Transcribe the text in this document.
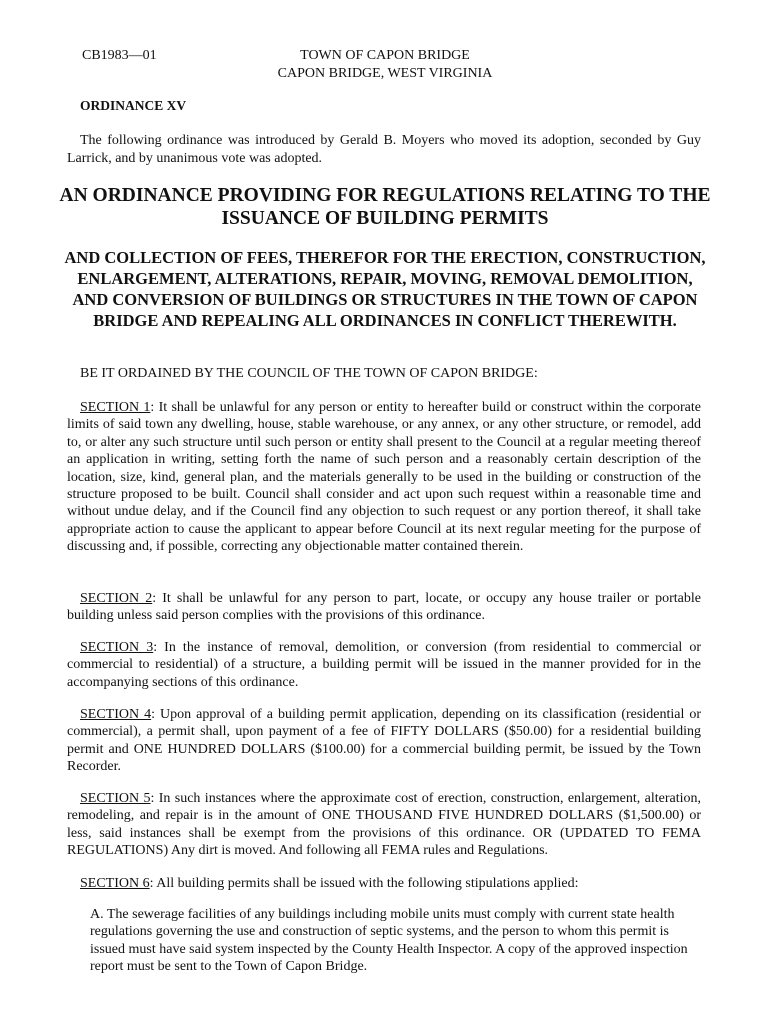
CB1983—01	TOWN OF CAPON BRIDGE
CAPON BRIDGE, WEST VIRGINIA
ORDINANCE XV
The following ordinance was introduced by Gerald B. Moyers who moved its adoption, seconded by Guy Larrick, and by unanimous vote was adopted.
AN ORDINANCE PROVIDING FOR REGULATIONS RELATING TO THE ISSUANCE OF BUILDING PERMITS
AND COLLECTION OF FEES, THEREFOR FOR THE ERECTION, CONSTRUCTION, ENLARGEMENT, ALTERATIONS, REPAIR, MOVING, REMOVAL DEMOLITION, AND CONVERSION OF BUILDINGS OR STRUCTURES IN THE TOWN OF CAPON BRIDGE AND REPEALING ALL ORDINANCES IN CONFLICT THEREWITH.
BE IT ORDAINED BY THE COUNCIL OF THE TOWN OF CAPON BRIDGE:
SECTION 1: It shall be unlawful for any person or entity to hereafter build or construct within the corporate limits of said town any dwelling, house, stable warehouse, or any annex, or any other structure, or remodel, add to, or alter any such structure until such person or entity shall present to the Council at a regular meeting thereof an application in writing, setting forth the name of such person and a reasonably certain description of the location, size, kind, general plan, and the materials generally to be used in the building or construction of the structure proposed to be built. Council shall consider and act upon such request within a reasonable time and without undue delay, and if the Council find any objection to such request or any portion thereof, it shall take appropriate action to cause the applicant to appear before Council at its next regular meeting for the purpose of discussing and, if possible, correcting any objectionable matter contained therein.
SECTION 2: It shall be unlawful for any person to part, locate, or occupy any house trailer or portable building unless said person complies with the provisions of this ordinance.
SECTION 3: In the instance of removal, demolition, or conversion (from residential to commercial or commercial to residential) of a structure, a building permit will be issued in the manner provided for in the accompanying sections of this ordinance.
SECTION 4: Upon approval of a building permit application, depending on its classification (residential or commercial), a permit shall, upon payment of a fee of FIFTY DOLLARS ($50.00) for a residential building permit and ONE HUNDRED DOLLARS ($100.00) for a commercial building permit, be issued by the Town Recorder.
SECTION 5: In such instances where the approximate cost of erection, construction, enlargement, alteration, remodeling, and repair is in the amount of ONE THOUSAND FIVE HUNDRED DOLLARS ($1,500.00) or less, said instances shall be exempt from the provisions of this ordinance. OR (UPDATED TO FEMA REGULATIONS) Any dirt is moved. And following all FEMA rules and Regulations.
SECTION 6: All building permits shall be issued with the following stipulations applied:
A. The sewerage facilities of any buildings including mobile units must comply with current state health regulations governing the use and construction of septic systems, and the person to whom this permit is issued must have said system inspected by the County Health Inspector. A copy of the approved inspection report must be sent to the Town of Capon Bridge.
